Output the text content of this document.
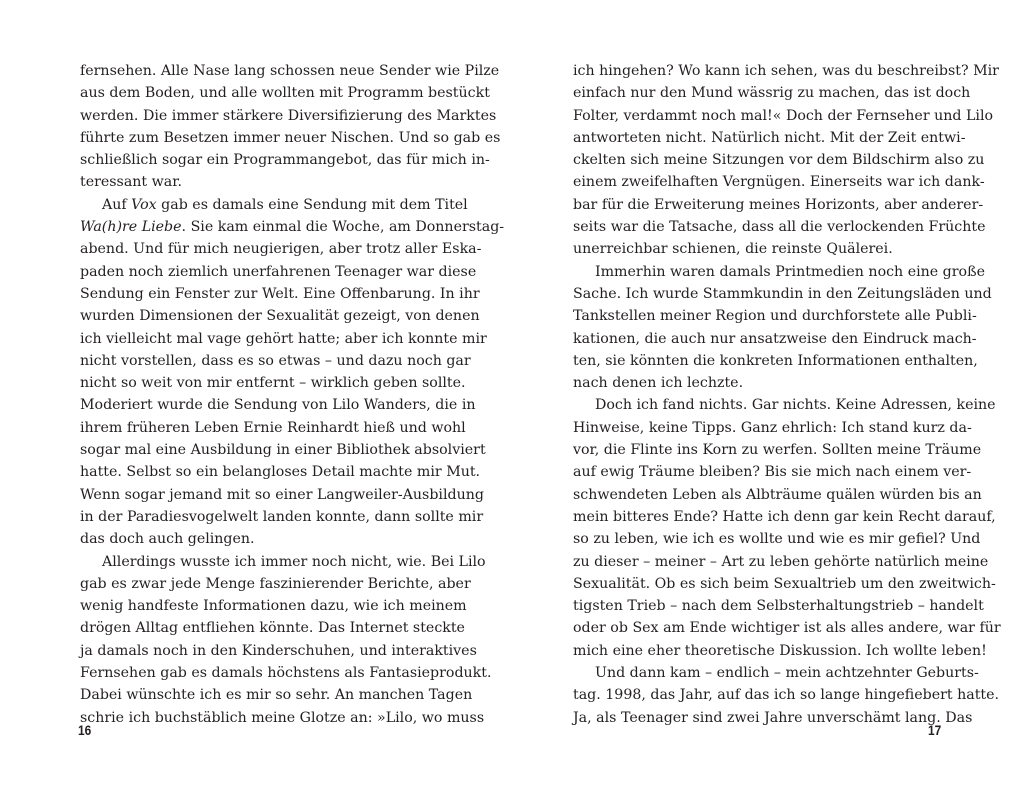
fernsehen. Alle Nase lang schossen neue Sender wie Pilze
aus dem Boden, und alle wollten mit Programm bestückt
werden. Die immer stärkere Diversifizierung des Marktes
führte zum Besetzen immer neuer Nischen. Und so gab es
schließlich sogar ein Programmangebot, das für mich in-
teressant war.
Auf Vox gab es damals eine Sendung mit dem Titel
Wa(h)re Liebe. Sie kam einmal die Woche, am Donnerstag-
abend. Und für mich neugierigen, aber trotz aller Eska-
paden noch ziemlich unerfahrenen Teenager war diese
Sendung ein Fenster zur Welt. Eine Offenbarung. In ihr
wurden Dimensionen der Sexualität gezeigt, von denen
ich vielleicht mal vage gehört hatte; aber ich konnte mir
nicht vorstellen, dass es so etwas – und dazu noch gar
nicht so weit von mir entfernt – wirklich geben sollte.
Moderiert wurde die Sendung von Lilo Wanders, die in
ihrem früheren Leben Ernie Reinhardt hieß und wohl
sogar mal eine Ausbildung in einer Bibliothek absolviert
hatte. Selbst so ein belangloses Detail machte mir Mut.
Wenn sogar jemand mit so einer Langweiler-Ausbildung
in der Paradiesvogelwelt landen konnte, dann sollte mir
das doch auch gelingen.
Allerdings wusste ich immer noch nicht, wie. Bei Lilo
gab es zwar jede Menge faszinierender Berichte, aber
wenig handfeste Informationen dazu, wie ich meinem
drögen Alltag entfliehen könnte. Das Internet steckte
ja damals noch in den Kinderschuhen, und interaktives
Fernsehen gab es damals höchstens als Fantasieprodukt.
Dabei wünschte ich es mir so sehr. An manchen Tagen
schrie ich buchstäblich meine Glotze an: »Lilo, wo muss
ich hingehen? Wo kann ich sehen, was du beschreibst? Mir
einfach nur den Mund wässrig zu machen, das ist doch
Folter, verdammt noch mal!« Doch der Fernseher und Lilo
antworteten nicht. Natürlich nicht. Mit der Zeit entwi-
ckelten sich meine Sitzungen vor dem Bildschirm also zu
einem zweifelhaften Vergnügen. Einerseits war ich dank-
bar für die Erweiterung meines Horizonts, aber anderer-
seits war die Tatsache, dass all die verlockenden Früchte
unerreichbar schienen, die reinste Quälerei.
Immerhin waren damals Printmedien noch eine große
Sache. Ich wurde Stammkundin in den Zeitungsläden und
Tankstellen meiner Region und durchforstete alle Publi-
kationen, die auch nur ansatzweise den Eindruck mach-
ten, sie könnten die konkreten Informationen enthalten,
nach denen ich lechzte.
Doch ich fand nichts. Gar nichts. Keine Adressen, keine
Hinweise, keine Tipps. Ganz ehrlich: Ich stand kurz da-
vor, die Flinte ins Korn zu werfen. Sollten meine Träume
auf ewig Träume bleiben? Bis sie mich nach einem ver-
schwendeten Leben als Albträume quälen würden bis an
mein bitteres Ende? Hatte ich denn gar kein Recht darauf,
so zu leben, wie ich es wollte und wie es mir gefiel? Und
zu dieser – meiner – Art zu leben gehörte natürlich meine
Sexualität. Ob es sich beim Sexualtrieb um den zweitwich-
tigsten Trieb – nach dem Selbsterhaltungstrieb – handelt
oder ob Sex am Ende wichtiger ist als alles andere, war für
mich eine eher theoretische Diskussion. Ich wollte leben!
Und dann kam – endlich – mein achtzehnter Geburts-
tag. 1998, das Jahr, auf das ich so lange hingefiebert hatte.
Ja, als Teenager sind zwei Jahre unverschämt lang. Das
16	17
